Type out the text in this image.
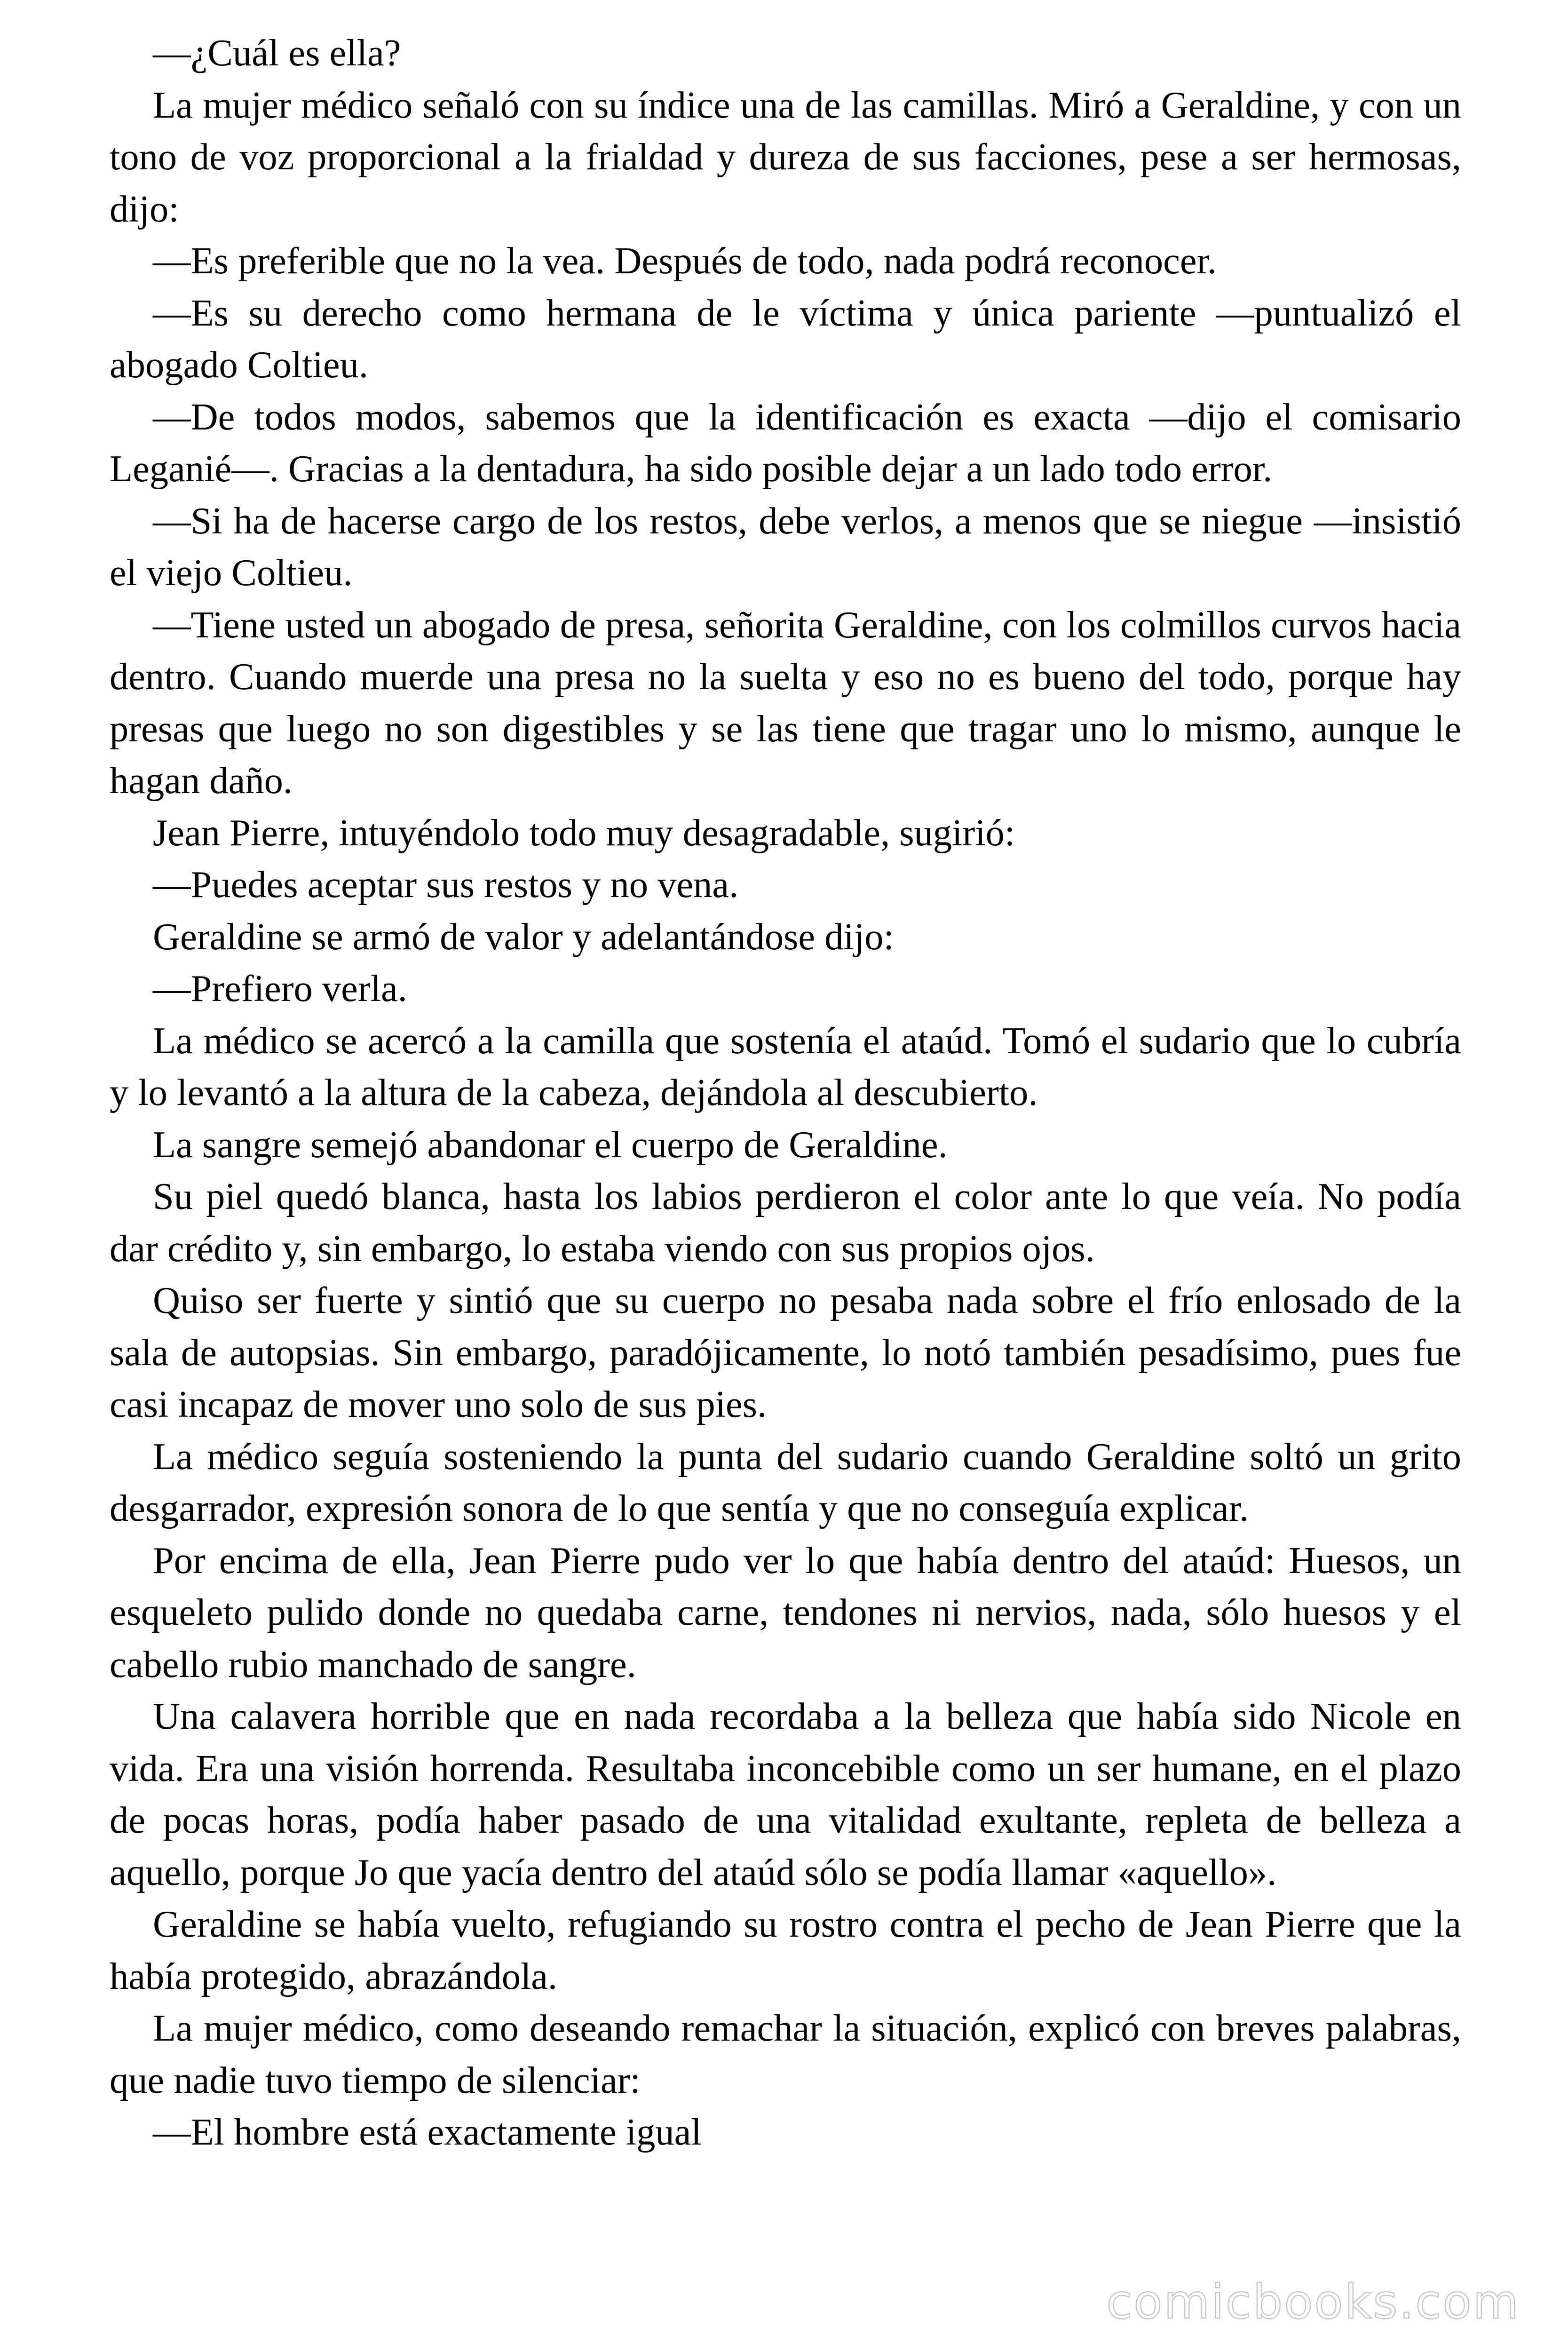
—¿Cuál es ella?

La mujer médico señaló con su índice una de las camillas. Miró a Geraldine, y con un tono de voz proporcional a la frialdad y dureza de sus facciones, pese a ser hermosas, dijo:

—Es preferible que no la vea. Después de todo, nada podrá reconocer.

—Es su derecho como hermana de le víctima y única pariente —puntualizó el abogado Coltieu.

—De todos modos, sabemos que la identificación es exacta —dijo el comisario Leganié—. Gracias a la dentadura, ha sido posible dejar a un lado todo error.

—Si ha de hacerse cargo de los restos, debe verlos, a menos que se niegue —insistió el viejo Coltieu.

—Tiene usted un abogado de presa, señorita Geraldine, con los colmillos curvos hacia dentro. Cuando muerde una presa no la suelta y eso no es bueno del todo, porque hay presas que luego no son digestibles y se las tiene que tragar uno lo mismo, aunque le hagan daño.

Jean Pierre, intuyéndolo todo muy desagradable, sugirió:

—Puedes aceptar sus restos y no vena.

Geraldine se armó de valor y adelantándose dijo:

—Prefiero verla.

La médico se acercó a la camilla que sostenía el ataúd. Tomó el sudario que lo cubría y lo levantó a la altura de la cabeza, dejándola al descubierto.

La sangre semejó abandonar el cuerpo de Geraldine.

Su piel quedó blanca, hasta los labios perdieron el color ante lo que veía. No podía dar crédito y, sin embargo, lo estaba viendo con sus propios ojos.

Quiso ser fuerte y sintió que su cuerpo no pesaba nada sobre el frío enlosado de la sala de autopsias. Sin embargo, paradójicamente, lo notó también pesadísimo, pues fue casi incapaz de mover uno solo de sus pies.

La médico seguía sosteniendo la punta del sudario cuando Geraldine soltó un grito desgarrador, expresión sonora de lo que sentía y que no conseguía explicar.

Por encima de ella, Jean Pierre pudo ver lo que había dentro del ataúd: Huesos, un esqueleto pulido donde no quedaba carne, tendones ni nervios, nada, sólo huesos y el cabello rubio manchado de sangre.

Una calavera horrible que en nada recordaba a la belleza que había sido Nicole en vida. Era una visión horrenda. Resultaba inconcebible como un ser humane, en el plazo de pocas horas, podía haber pasado de una vitalidad exultante, repleta de belleza a aquello, porque Jo que yacía dentro del ataúd sólo se podía llamar «aquello».

Geraldine se había vuelto, refugiando su rostro contra el pecho de Jean Pierre que la había protegido, abrazándola.

La mujer médico, como deseando remachar la situación, explicó con breves palabras, que nadie tuvo tiempo de silenciar:

—El hombre está exactamente igual

comicbooks.com
